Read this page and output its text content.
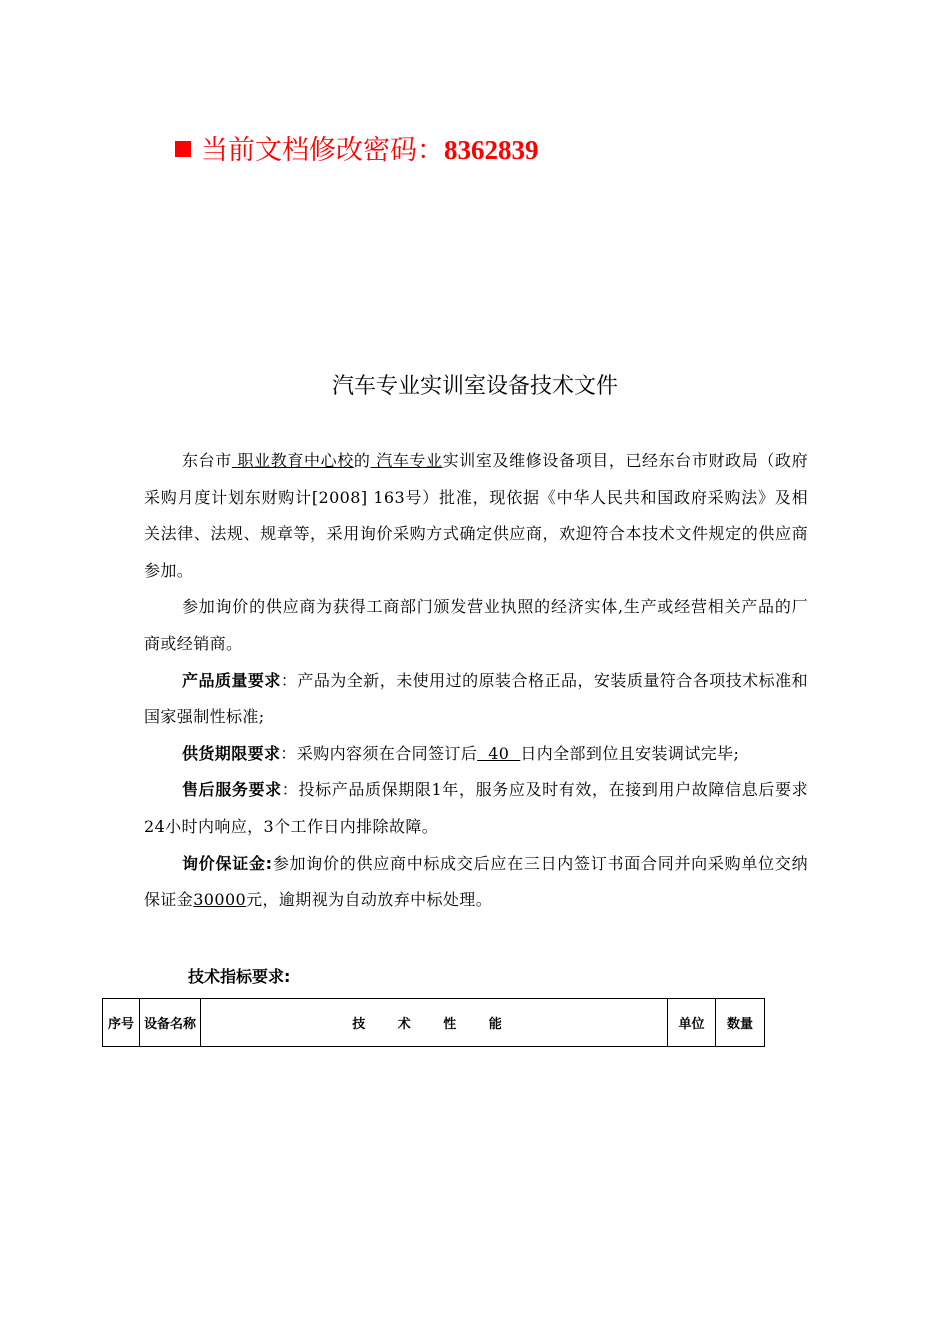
当前文档修改密码：8362839
汽车专业实训室设备技术文件

东台市 职业教育中心校的 汽车专业实训室及维修设备项目，已经东台市财政局（政府采购月度计划东财购计[2008] 163号）批准，现依据《中华人民共和国政府采购法》及相关法律、法规、规章等，采用询价采购方式确定供应商，欢迎符合本技术文件规定的供应商参加。

参加询价的供应商为获得工商部门颁发营业执照的经济实体,生产或经营相关产品的厂商或经销商。

产品质量要求：产品为全新，未使用过的原装合格正品，安装质量符合各项技术标准和国家强制性标准;

供货期限要求：采购内容须在合同签订后  40  日内全部到位且安装调试完毕;

售后服务要求：投标产品质保期限1年，服务应及时有效，在接到用户故障信息后要求24小时内响应，3个工作日内排除故障。

询价保证金:参加询价的供应商中标成交后应在三日内签订书面合同并向采购单位交纳保证金30000元，逾期视为自动放弃中标处理。

技术指标要求:
序号	设备名称	技 术 性 能	单位	数量
